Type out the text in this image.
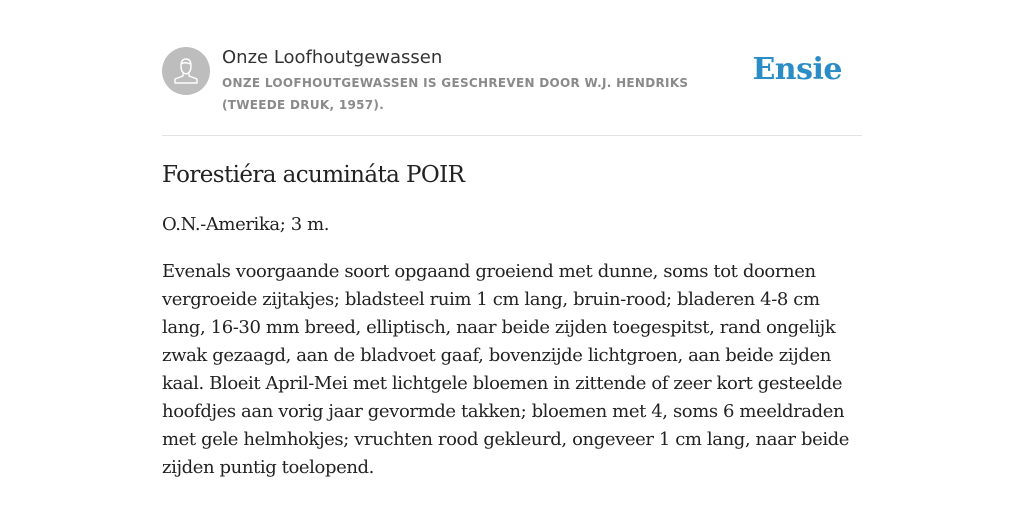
Onze Loofhoutgewassen
ONZE LOOFHOUTGEWASSEN IS GESCHREVEN DOOR W.J. HENDRIKS (TWEEDE DRUK, 1957).
Ensie
Forestiéra acumináta POIR

O.N.-Amerika; 3 m.

Evenals voorgaande soort opgaand groeiend met dunne, soms tot doornen vergroeide zijtakjes; bladsteel ruim 1 cm lang, bruin-rood; bladeren 4-8 cm lang, 16-30 mm breed, elliptisch, naar beide zijden toegespitst, rand ongelijk zwak gezaagd, aan de bladvoet gaaf, bovenzijde lichtgroen, aan beide zijden kaal. Bloeit April-Mei met lichtgele bloemen in zittende of zeer kort gesteelde hoofdjes aan vorig jaar gevormde takken; bloemen met 4, soms 6 meeldraden met gele helmhokjes; vruchten rood gekleurd, ongeveer 1 cm lang, naar beide zijden puntig toelopend.
